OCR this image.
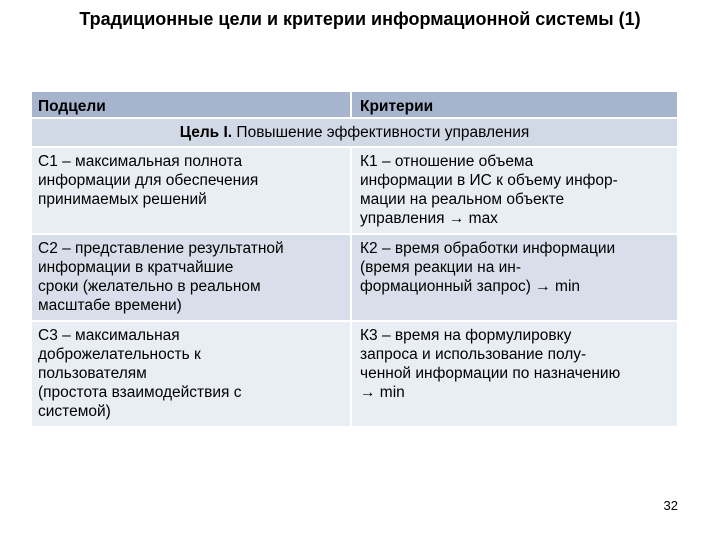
Традиционные цели и критерии информационной системы (1)
Подцели	Критерии
Цель I. Повышение эффективности управления	

С1 – максимальная полнота
информации для обеспечения
принимаемых решений	К1 – отношение объема
информации в ИС к объему инфор-
мации на реальном объекте
управления → max

С2 – представление результатной
информации в кратчайшие
сроки (желательно в реальном
масштабе времени)	К2 – время обработки информации
(время реакции на ин-
формационный запрос) → min

С3 – максимальная
доброжелательность к
пользователям
(простота взаимодействия с
системой)	К3 – время на формулировку
запроса и использование полу-
ченной информации по назначению
→ min

32
